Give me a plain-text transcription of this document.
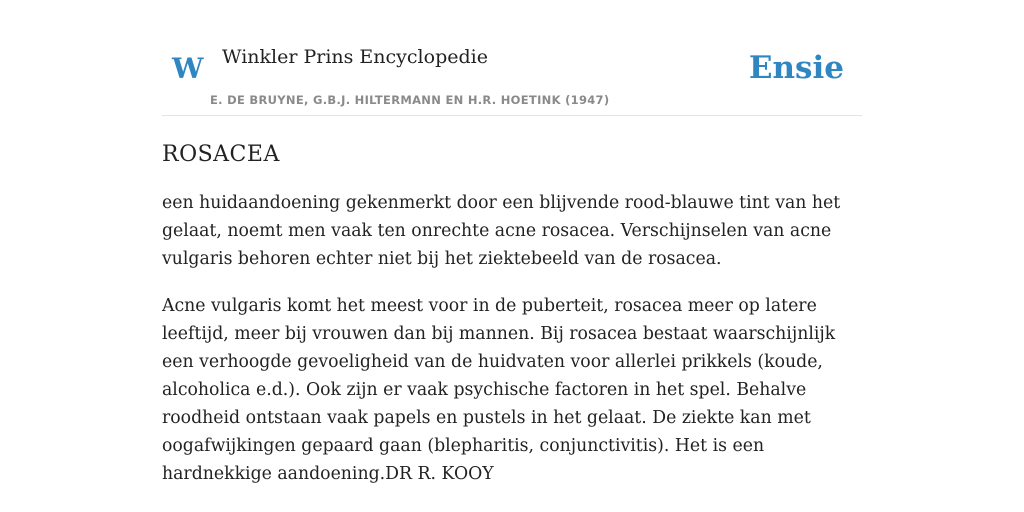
W Winkler Prins Encyclopedie
E. DE BRUYNE, G.B.J. HILTERMANN EN H.R. HOETINK (1947)
Ensie
ROSACEA

een huidaandoening gekenmerkt door een blijvende rood-blauwe tint van het gelaat, noemt men vaak ten onrechte acne rosacea. Verschijnselen van acne vulgaris behoren echter niet bij het ziektebeeld van de rosacea.

Acne vulgaris komt het meest voor in de puberteit, rosacea meer op latere leeftijd, meer bij vrouwen dan bij mannen. Bij rosacea bestaat waarschijnlijk een verhoogde gevoeligheid van de huidvaten voor allerlei prikkels (koude, alcoholica e.d.). Ook zijn er vaak psychische factoren in het spel. Behalve roodheid ontstaan vaak papels en pustels in het gelaat. De ziekte kan met oogafwijkingen gepaard gaan (blepharitis, conjunctivitis). Het is een hardnekkige aandoening.DR R. KOOY
